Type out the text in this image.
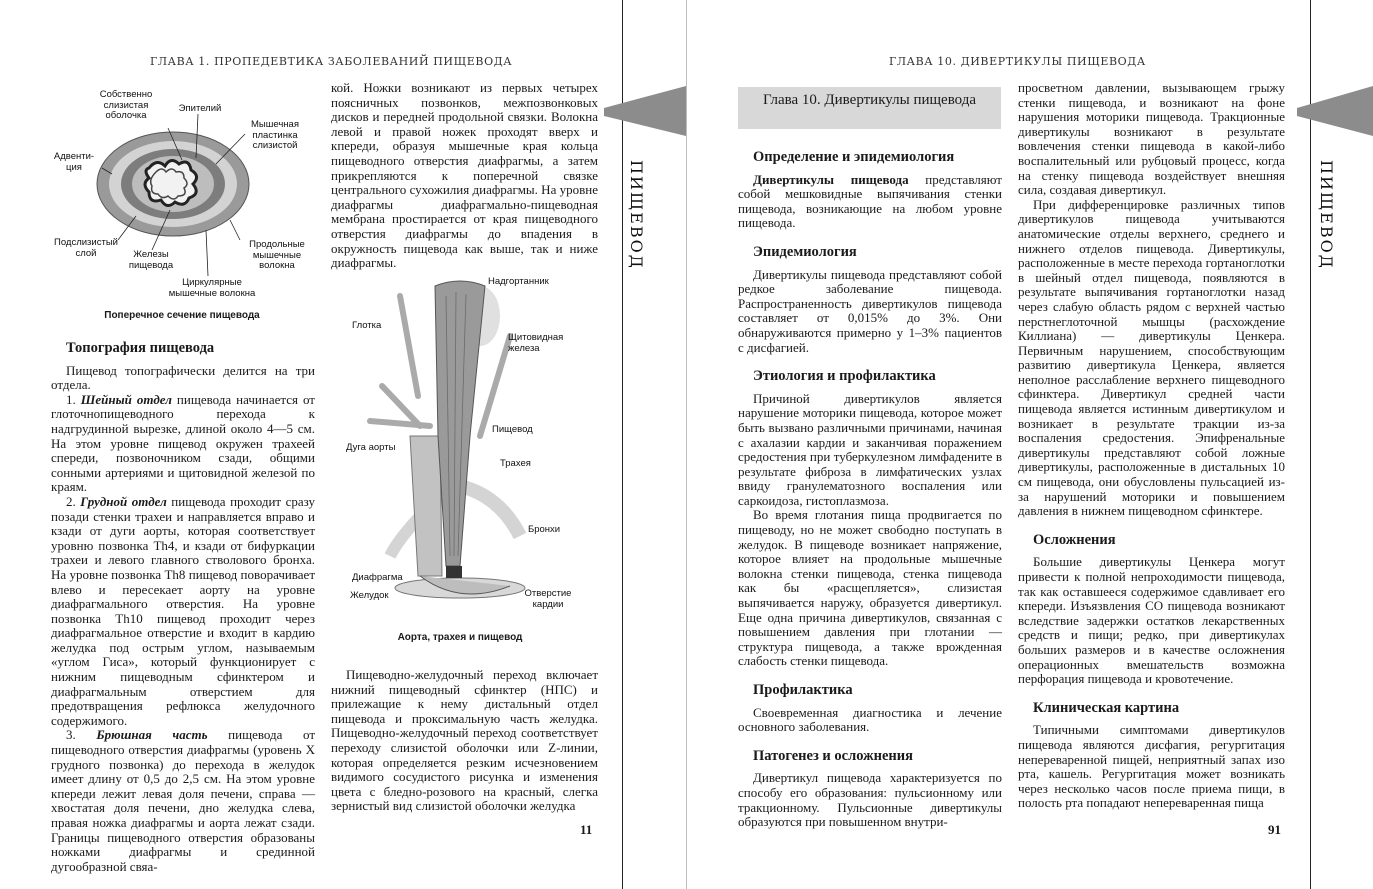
ГЛАВА 1. ПРОПЕДЕВТИКА ЗАБОЛЕВАНИЙ ПИЩЕВОДА
ПИЩЕВОД
Собственно
слизистая
оболочка
Эпителий
Мышечная
пластинка
слизистой
Адвенти-
ция
Подслизистый
слой	Железы
пищевода
Продольные
мышечные
волокна
Циркулярные
мышечные волокна
Поперечное сечение пищевода
Топография пищевода

Пищевод топографически делится на три отдела.

1. Шейный отдел пищевода начинается от глоточнопищеводного перехода к надгрудинной вырезке, длиной около 4—5 см. На этом уровне пищевод окружен трахеей спереди, позвоночником сзади, общими сонными артериями и щитовидной железой по краям.

2. Грудной отдел пищевода проходит сразу позади стенки трахеи и направляется вправо и кзади от дуги аорты, которая соответствует уровню позвонка Th4, и кзади от бифуркации трахеи и левого главного стволового бронха. На уровне позвонка Th8 пищевод поворачивает влево и пересекает аорту на уровне диафрагмального отверстия. На уровне позвонка Th10 пищевод проходит через диафрагмальное отверстие и входит в кардию желудка под острым углом, называемым «углом Гиса», который функционирует с нижним пищеводным сфинктером и диафрагмальным отверстием для предотвращения рефлюкса желудочного содержимого.

3. Брюшная часть пищевода от пищеводного отверстия диафрагмы (уровень X грудного позвонка) до перехода в желудок имеет длину от 0,5 до 2,5 см. На этом уровне кпереди лежит левая доля печени, справа — хвостатая доля печени, дно желудка слева, правая ножка диафрагмы и аорта лежат сзади. Границы пищеводного отверстия образованы ножками диафрагмы и срединной дугообразной свяа-

кой. Ножки возникают из первых четырех поясничных позвонков, межпозвонковых дисков и передней продольной связки. Волокна левой и правой ножек проходят вверх и кпереди, образуя мышечные края кольца пищеводного отверстия диафрагмы, а затем прикрепляются к поперечной связке центрального сухожилия диафрагмы. На уровне диафрагмы диафрагмально-пищеводная мембрана простирается от края пищеводного отверстия диафрагмы до впадения в окружность пищевода как выше, так и ниже диафрагмы.

Надгортанник
Глотка
Щитовидная
железа
Пищевод
Дуга аорты
Трахея
Бронхи
Диафрагма
Желудок	Отверстие
кардии
Аорта, трахея и пищевод

Пищеводно-желудочный переход включает нижний пищеводный сфинктер (НПС) и прилежащие к нему дистальный отдел пищевода и проксимальную часть желудка. Пищеводно-желудочный переход соответствует переходу слизистой оболочки или Z-линии, которая определяется резким исчезновением видимого сосудистого рисунка и изменения цвета с бледно-розового на красный, слегка зернистый вид слизистой оболочки желудка

11
ГЛАВА 10. ДИВЕРТИКУЛЫ ПИЩЕВОДА
Глава 10. Дивертикулы пищевода
ПИЩЕВОД
Определение и эпидемиология

Дивертикулы пищевода представляют собой мешковидные выпячивания стенки пищевода, возникающие на любом уровне пищевода.

Эпидемиология

Дивертикулы пищевода представляют собой редкое заболевание пищевода. Распространенность дивертикулов пищевода составляет от 0,015% до 3%. Они обнаруживаются примерно у 1–3% пациентов с дисфагией.

Этиология и профилактика

Причиной дивертикулов является нарушение моторики пищевода, которое может быть вызвано различными причинами, начиная с ахалазии кардии и заканчивая поражением средостения при туберкулезном лимфадените в результате фиброза в лимфатических узлах ввиду гранулематозного воспаления или саркоидоза, гистоплазмоза.

Во время глотания пища продвигается по пищеводу, но не может свободно поступать в желудок. В пищеводе возникает напряжение, которое влияет на продольные мышечные волокна стенки пищевода, стенка пищевода как бы «расщепляется», слизистая выпячивается наружу, образуется дивертикул. Еще одна причина дивертикулов, связанная с повышением давления при глотании — структура пищевода, а также врожденная слабость стенки пищевода.

Профилактика

Своевременная диагностика и лечение основного заболевания.

Патогенез и осложнения

Дивертикул пищевода характеризуется по способу его образования: пульсионному или тракционному. Пульсионные дивертикулы образуются при повышенном внутри-

просветном давлении, вызывающем грыжу стенки пищевода, и возникают на фоне нарушения моторики пищевода. Тракционные дивертикулы возникают в результате вовлечения стенки пищевода в какой-либо воспалительный или рубцовый процесс, когда на стенку пищевода воздействует внешняя сила, создавая дивертикул.

При дифференцировке различных типов дивертикулов пищевода учитываются анатомические отделы верхнего, среднего и нижнего отделов пищевода. Дивертикулы, расположенные в месте перехода гортаноглотки в шейный отдел пищевода, появляются в результате выпячивания гортаноглотки назад через слабую область рядом с верхней частью перстнеглоточной мышцы (расхождение Киллиана) — дивертикулы Ценкера. Первичным нарушением, способствующим развитию дивертикула Ценкера, является неполное расслабление верхнего пищеводного сфинктера. Дивертикул средней части пищевода является истинным дивертикулом и возникает в результате тракции из-за воспаления средостения. Эпифренальные дивертикулы представляют собой ложные дивертикулы, расположенные в дистальных 10 см пищевода, они обусловлены пульсацией из-за нарушений моторики и повышением давления в нижнем пищеводном сфинктере.

Осложнения

Большие дивертикулы Ценкера могут привести к полной непроходимости пищевода, так как оставшееся содержимое сдавливает его кпереди. Изъязвления СО пищевода возникают вследствие задержки остатков лекарственных средств и пищи; редко, при дивертикулах больших размеров и в качестве осложнения операционных вмешательств возможна перфорация пищевода и кровотечение.

Клиническая картина

Типичными симптомами дивертикулов пищевода являются дисфагия, регургитация непереваренной пищей, неприятный запах изо рта, кашель. Регургитация может возникать через несколько часов после приема пищи, в полость рта попадают непереваренная пища

91
